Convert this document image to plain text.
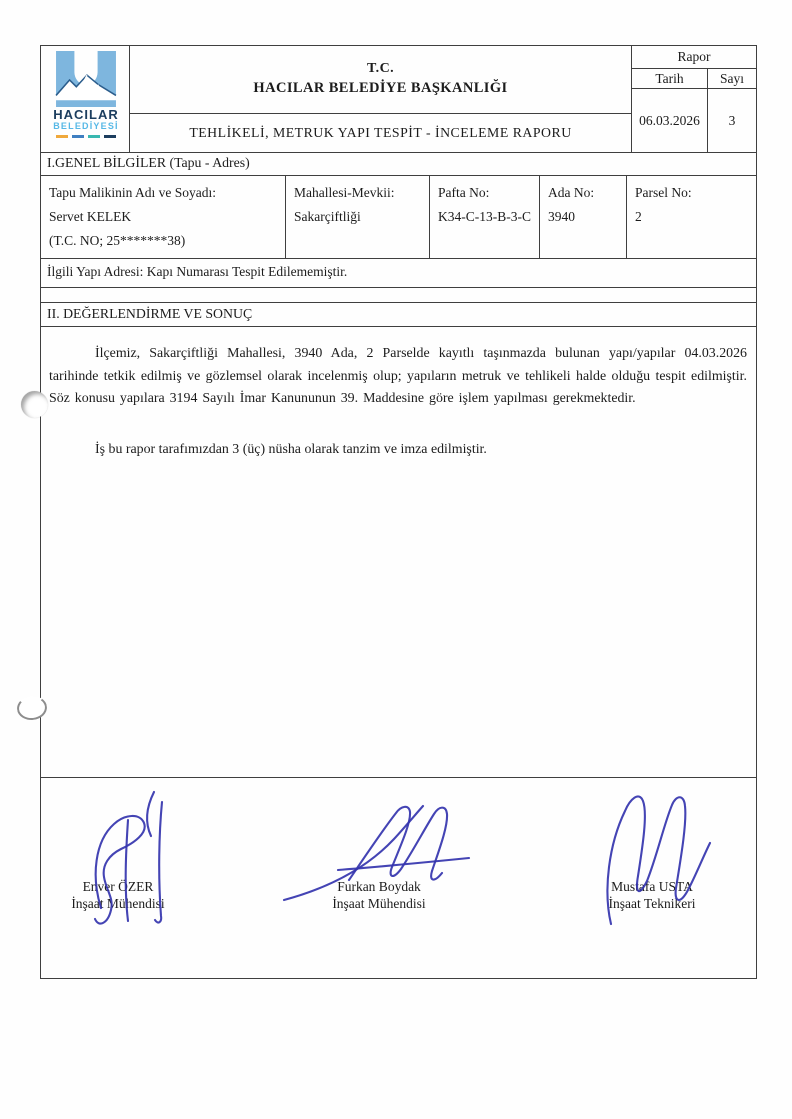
HACILAR
BELEDİYESİ
T.C.
HACILAR BELEDİYE BAŞKANLIĞI
TEHLİKELİ, METRUK YAPI TESPİT - İNCELEME RAPORU
Rapor
Tarih	Sayı
06.03.2026	3
I.GENEL BİLGİLER (Tapu - Adres)
Tapu Malikinin Adı ve Soyadı:
Servet KELEK
(T.C. NO; 25*******38)
Mahallesi-Mevkii:
Sakarçiftliği
Pafta No:
K34-C-13-B-3-C
Ada No:
3940
Parsel No:
2
İlgili Yapı Adresi: Kapı Numarası Tespit Edilememiştir.
II. DEĞERLENDİRME VE SONUÇ

İlçemiz, Sakarçiftliği Mahallesi, 3940 Ada, 2 Parselde kayıtlı taşınmazda bulunan yapı/yapılar 04.03.2026 tarihinde tetkik edilmiş ve gözlemsel olarak incelenmiş olup; yapıların metruk ve tehlikeli halde olduğu tespit edilmiştir. Söz konusu yapılara 3194 Sayılı İmar Kanununun 39. Maddesine göre işlem yapılması gerekmektedir.

İş bu rapor tarafımızdan 3 (üç) nüsha olarak tanzim ve imza edilmiştir.

Enver ÖZER
İnşaat Mühendisi
Furkan Boydak
İnşaat Mühendisi
Mustafa USTA
İnşaat Teknikeri
